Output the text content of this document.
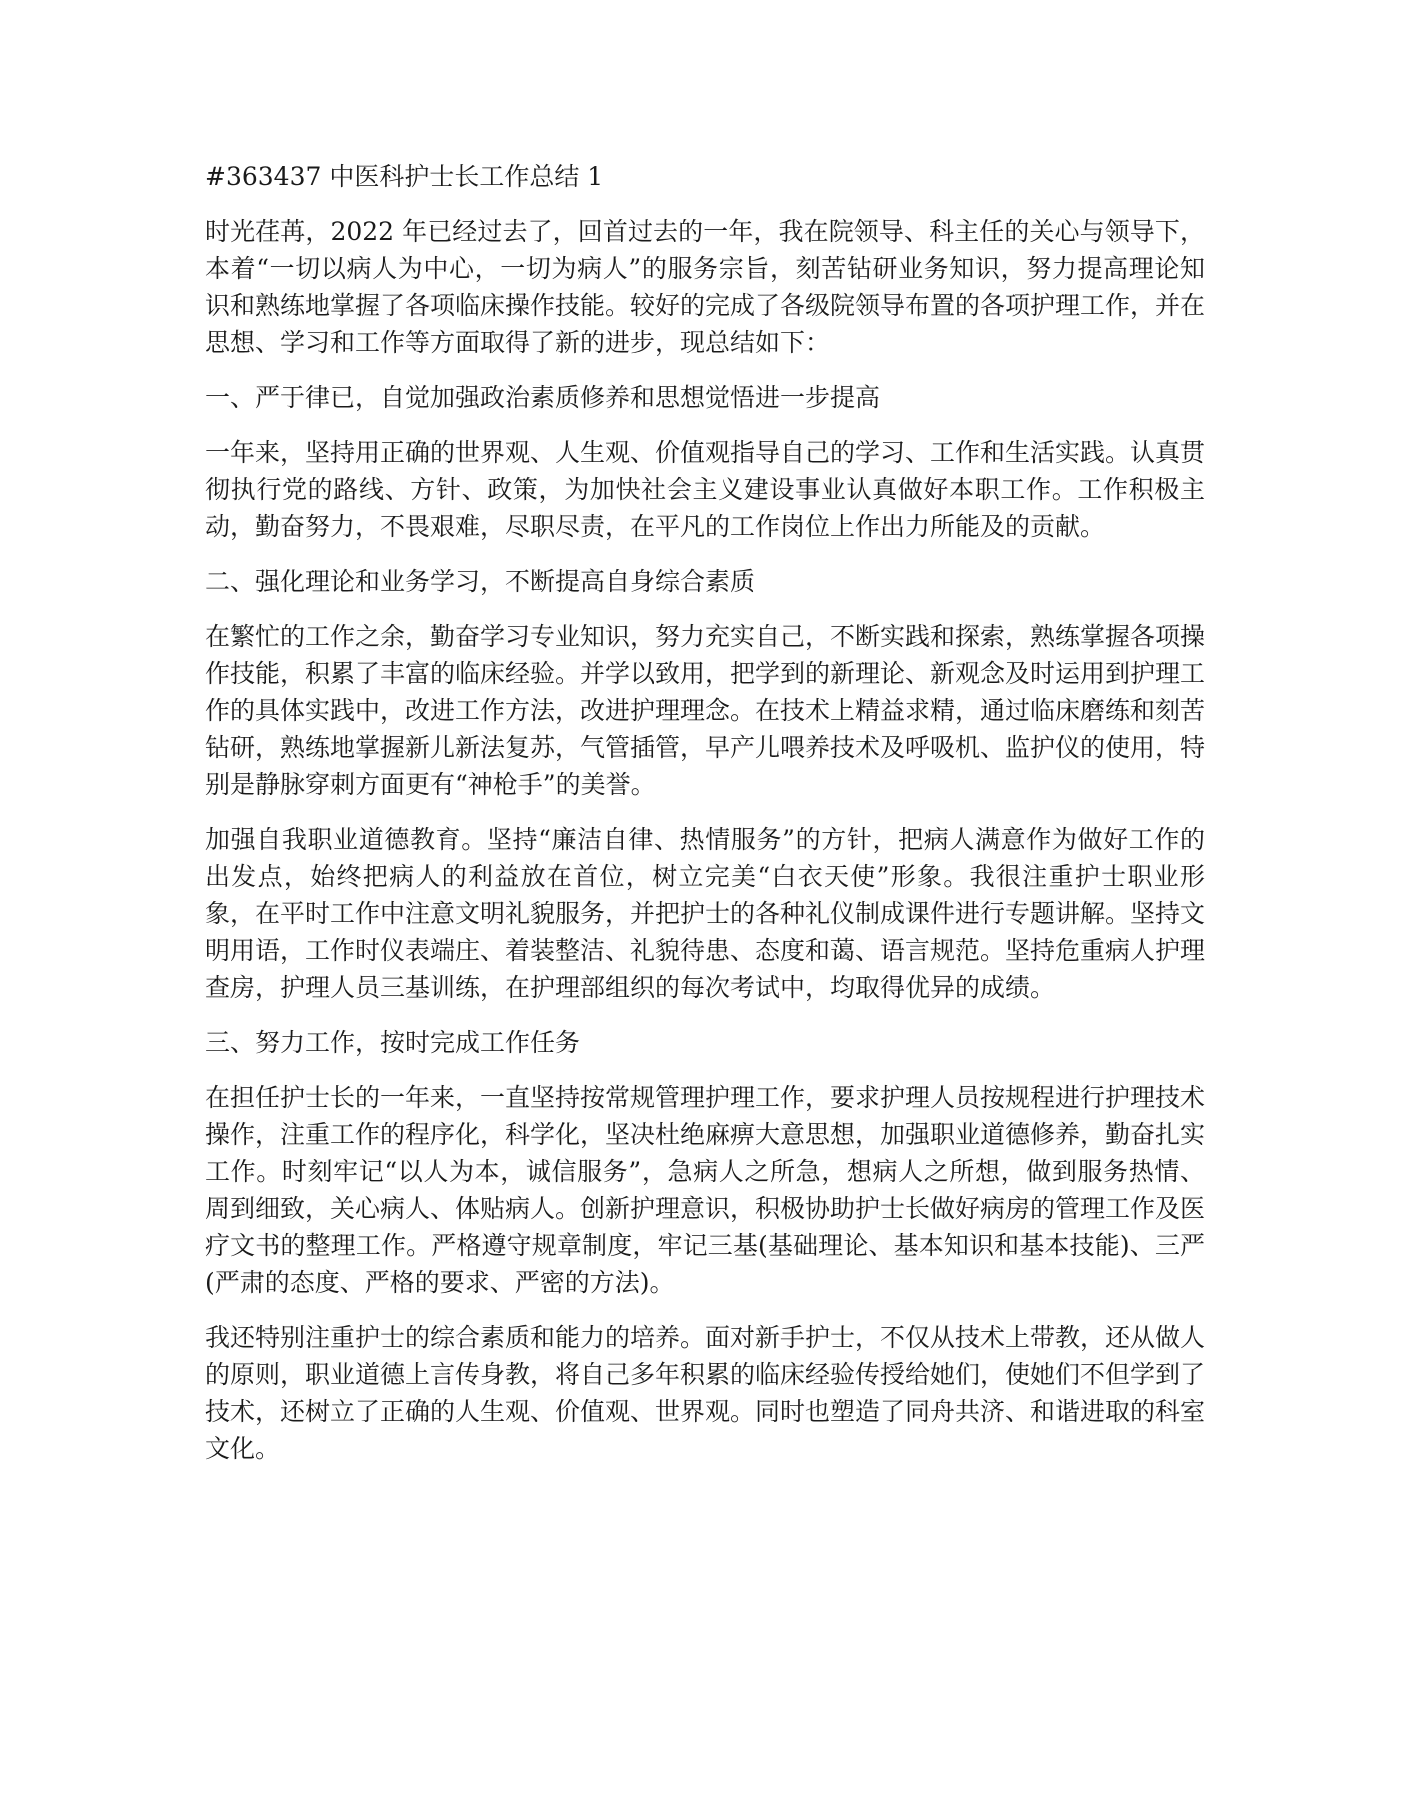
#363437 中医科护士长工作总结 1

时光荏苒，2022 年已经过去了，回首过去的一年，我在院领导、科主任的关心与领导下，本着“一切以病人为中心，一切为病人”的服务宗旨，刻苦钻研业务知识，努力提高理论知识和熟练地掌握了各项临床操作技能。较好的完成了各级院领导布置的各项护理工作，并在思想、学习和工作等方面取得了新的进步，现总结如下：

一、严于律已，自觉加强政治素质修养和思想觉悟进一步提高

一年来，坚持用正确的世界观、人生观、价值观指导自己的学习、工作和生活实践。认真贯彻执行党的路线、方针、政策，为加快社会主义建设事业认真做好本职工作。工作积极主动，勤奋努力，不畏艰难，尽职尽责，在平凡的工作岗位上作出力所能及的贡献。

二、强化理论和业务学习，不断提高自身综合素质

在繁忙的工作之余，勤奋学习专业知识，努力充实自己，不断实践和探索，熟练掌握各项操作技能，积累了丰富的临床经验。并学以致用，把学到的新理论、新观念及时运用到护理工作的具体实践中，改进工作方法，改进护理理念。在技术上精益求精，通过临床磨练和刻苦钻研，熟练地掌握新儿新法复苏，气管插管，早产儿喂养技术及呼吸机、监护仪的使用，特别是静脉穿刺方面更有“神枪手”的美誉。

加强自我职业道德教育。坚持“廉洁自律、热情服务”的方针，把病人满意作为做好工作的出发点，始终把病人的利益放在首位，树立完美“白衣天使”形象。我很注重护士职业形象，在平时工作中注意文明礼貌服务，并把护士的各种礼仪制成课件进行专题讲解。坚持文明用语，工作时仪表端庄、着装整洁、礼貌待患、态度和蔼、语言规范。坚持危重病人护理查房，护理人员三基训练，在护理部组织的每次考试中，均取得优异的成绩。

三、努力工作，按时完成工作任务

在担任护士长的一年来，一直坚持按常规管理护理工作，要求护理人员按规程进行护理技术操作，注重工作的程序化，科学化，坚决杜绝麻痹大意思想，加强职业道德修养，勤奋扎实工作。时刻牢记“以人为本，诚信服务”，急病人之所急，想病人之所想，做到服务热情、周到细致，关心病人、体贴病人。创新护理意识，积极协助护士长做好病房的管理工作及医疗文书的整理工作。严格遵守规章制度，牢记三基(基础理论、基本知识和基本技能)、三严(严肃的态度、严格的要求、严密的方法)。

我还特别注重护士的综合素质和能力的培养。面对新手护士，不仅从技术上带教，还从做人的原则，职业道德上言传身教，将自己多年积累的临床经验传授给她们，使她们不但学到了技术，还树立了正确的人生观、价值观、世界观。同时也塑造了同舟共济、和谐进取的科室文化。
